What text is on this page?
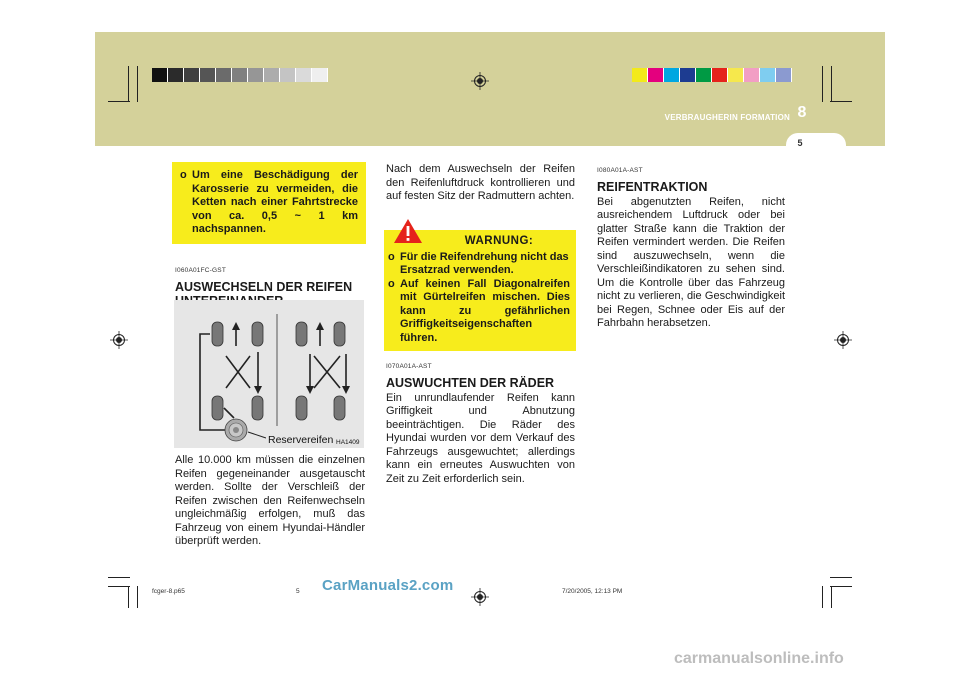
VERBRAUGHERIN FORMATION 8
5
o Um eine Beschädigung der Karosserie zu vermeiden, die Ketten nach einer Fahrtstrecke von ca. 0,5 ~ 1 km nachspannen.
I060A01FC-GST
AUSWECHSELN DER REIFEN
Reservereifen HA1409
Alle 10.000 km müssen die einzelnen Reifen gegeneinander ausgetauscht werden. Sollte der Verschleiß der Reifen zwischen den Reifenwechseln ungleichmäßig erfolgen, muß das Fahrzeug von einem Hyundai-Händler überprüft werden.
Nach dem Auswechseln der Reifen den Reifenluftdruck kontrollieren und auf festen Sitz der Radmuttern achten.
WARNUNG:
o Für die Reifendrehung nicht das Ersatzrad verwenden.
o Auf keinen Fall Diagonalreifen mit Gürtelreifen mischen. Dies kann zu gefährlichen Griffigkeitseigenschaften führen.
I070A01A-AST
AUSWUCHTEN DER RÄDER
Ein unrundlaufender Reifen kann Griffigkeit und Abnutzung beeinträchtigen. Die Räder des Hyundai wurden vor dem Verkauf des Fahrzeugs ausgewuchtet; allerdings kann ein erneutes Auswuchten von Zeit zu Zeit erforderlich sein.
I080A01A-AST
REIFENTRAKTION
Bei abgenutzten Reifen, nicht ausreichendem Luftdruck oder bei glatter Straße kann die Traktion der Reifen vermindert werden. Die Reifen sind auszuwechseln, wenn die Verschleißindikatoren zu sehen sind. Um die Kontrolle über das Fahrzeug nicht zu verlieren, die Geschwindigkeit bei Regen, Schnee oder Eis auf der Fahrbahn herabsetzen.
fcger-8.p65	5	7/20/2005, 12:13 PM
CarManuals2.com
carmanualsonline.info
